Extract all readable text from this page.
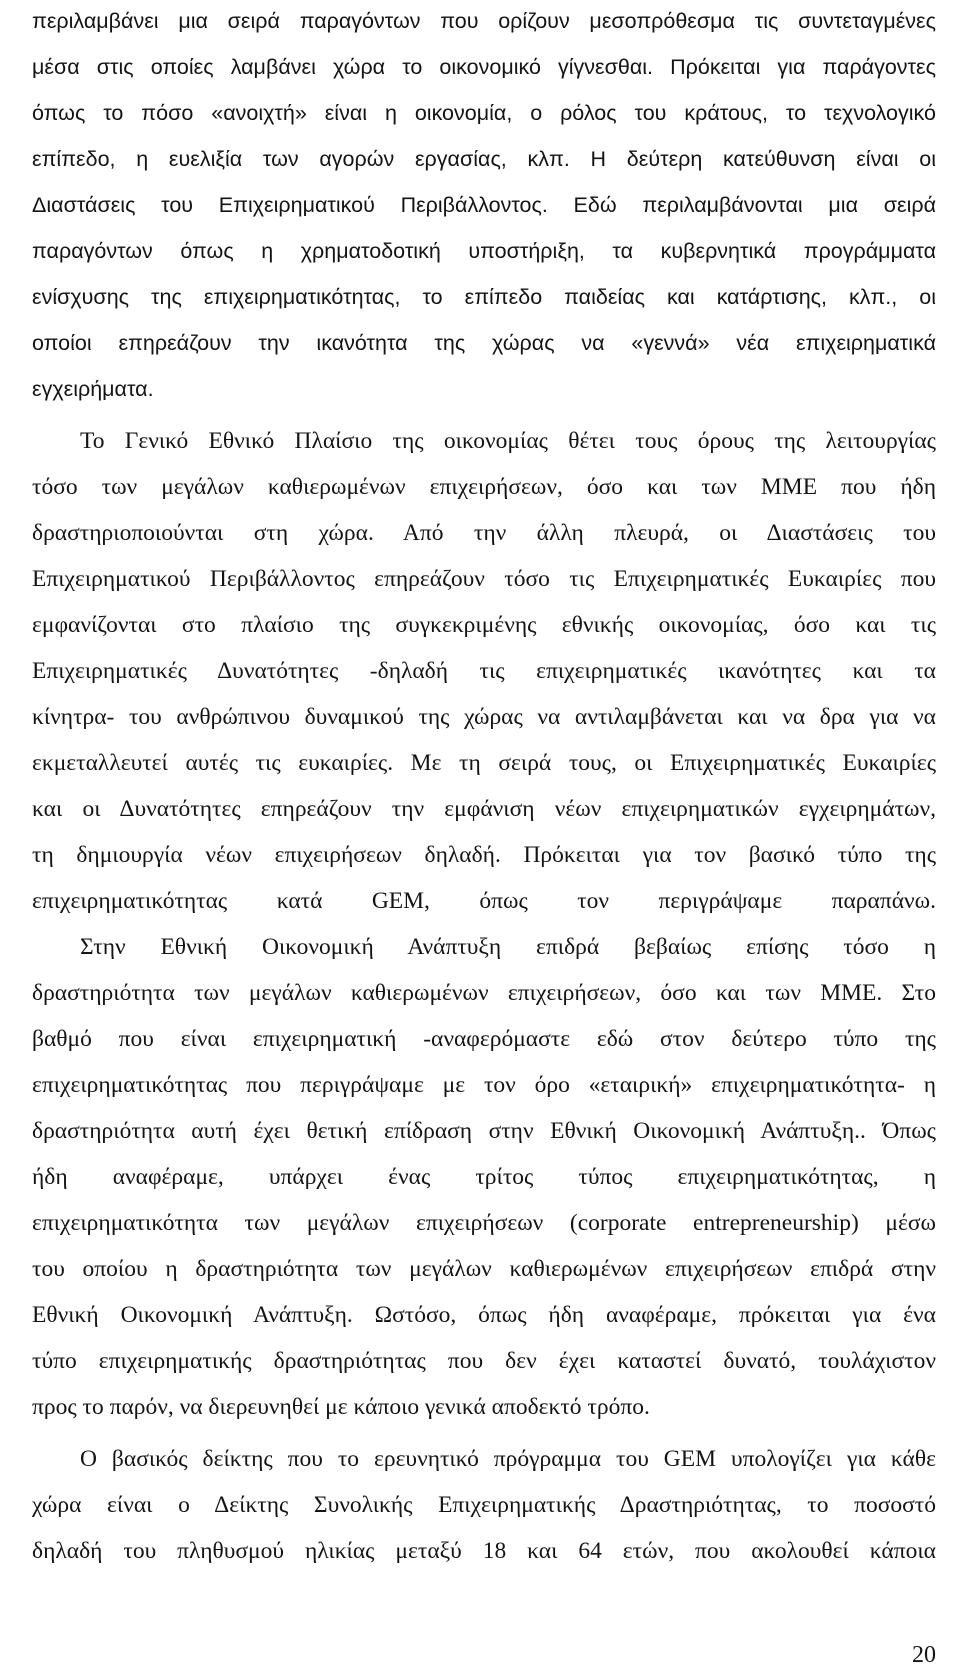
περιλαμβάνει μια σειρά παραγόντων που ορίζουν μεσοπρόθεσμα τις συντεταγμένες
μέσα στις οποίες λαμβάνει χώρα το οικονομικό γίγνεσθαι. Πρόκειται για παράγοντες
όπως το πόσο «ανοιχτή» είναι η οικονομία, ο ρόλος του κράτους, το τεχνολογικό
επίπεδο, η ευελιξία των αγορών εργασίας, κλπ. Η δεύτερη κατεύθυνση είναι οι
Διαστάσεις του Επιχειρηματικού Περιβάλλοντος. Εδώ περιλαμβάνονται μια σειρά
παραγόντων όπως η χρηματοδοτική υποστήριξη, τα κυβερνητικά προγράμματα
ενίσχυσης της επιχειρηματικότητας, το επίπεδο παιδείας και κατάρτισης, κλπ., οι
οποίοι επηρεάζουν την ικανότητα της χώρας να «γεννά» νέα επιχειρηματικά
εγχειρήματα.
Το Γενικό Εθνικό Πλαίσιο της οικονομίας θέτει τους όρους της λειτουργίας
τόσο των μεγάλων καθιερωμένων επιχειρήσεων, όσο και των ΜΜΕ που ήδη
δραστηριοποιούνται στη χώρα. Από την άλλη πλευρά, οι Διαστάσεις του
Επιχειρηματικού Περιβάλλοντος επηρεάζουν τόσο τις Επιχειρηματικές Ευκαιρίες που
εμφανίζονται στο πλαίσιο της συγκεκριμένης εθνικής οικονομίας, όσο και τις
Επιχειρηματικές Δυνατότητες -δηλαδή τις επιχειρηματικές ικανότητες και τα
κίνητρα- του ανθρώπινου δυναμικού της χώρας να αντιλαμβάνεται και να δρα για να
εκμεταλλευτεί αυτές τις ευκαιρίες. Με τη σειρά τους, οι Επιχειρηματικές Ευκαιρίες
και οι Δυνατότητες επηρεάζουν την εμφάνιση νέων επιχειρηματικών εγχειρημάτων,
τη δημιουργία νέων επιχειρήσεων δηλαδή. Πρόκειται για τον βασικό τύπο της
επιχειρηματικότητας κατά GEM, όπως τον περιγράψαμε παραπάνω.
Στην Εθνική Οικονομική Ανάπτυξη επιδρά βεβαίως επίσης τόσο η
δραστηριότητα των μεγάλων καθιερωμένων επιχειρήσεων, όσο και των ΜΜΕ. Στο
βαθμό που είναι επιχειρηματική -αναφερόμαστε εδώ στον δεύτερο τύπο της
επιχειρηματικότητας που περιγράψαμε με τον όρο «εταιρική» επιχειρηματικότητα- η
δραστηριότητα αυτή έχει θετική επίδραση στην Εθνική Οικονομική Ανάπτυξη.. Όπως
ήδη αναφέραμε, υπάρχει ένας τρίτος τύπος επιχειρηματικότητας, η
επιχειρηματικότητα των μεγάλων επιχειρήσεων (corporate entrepreneurship) μέσω
του οποίου η δραστηριότητα των μεγάλων καθιερωμένων επιχειρήσεων επιδρά στην
Εθνική Οικονομική Ανάπτυξη. Ωστόσο, όπως ήδη αναφέραμε, πρόκειται για ένα
τύπο επιχειρηματικής δραστηριότητας που δεν έχει καταστεί δυνατό, τουλάχιστον
προς το παρόν, να διερευνηθεί με κάποιο γενικά αποδεκτό τρόπο.
Ο βασικός δείκτης που το ερευνητικό πρόγραμμα του GEM υπολογίζει για κάθε
χώρα είναι ο Δείκτης Συνολικής Επιχειρηματικής Δραστηριότητας, το ποσοστό
δηλαδή του πληθυσμού ηλικίας μεταξύ 18 και 64 ετών, που ακολουθεί κάποια
20
